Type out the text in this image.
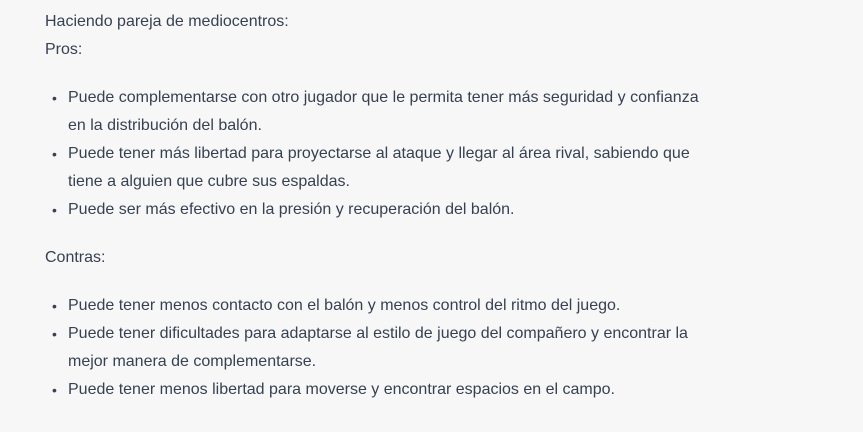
Haciendo pareja de mediocentros:

Pros:

• Puede complementarse con otro jugador que le permita tener más seguridad y confianza
en la distribución del balón.
• Puede tener más libertad para proyectarse al ataque y llegar al área rival, sabiendo que
tiene a alguien que cubre sus espaldas.
• Puede ser más efectivo en la presión y recuperación del balón.

Contras:

• Puede tener menos contacto con el balón y menos control del ritmo del juego.
• Puede tener dificultades para adaptarse al estilo de juego del compañero y encontrar la
mejor manera de complementarse.
• Puede tener menos libertad para moverse y encontrar espacios en el campo.
